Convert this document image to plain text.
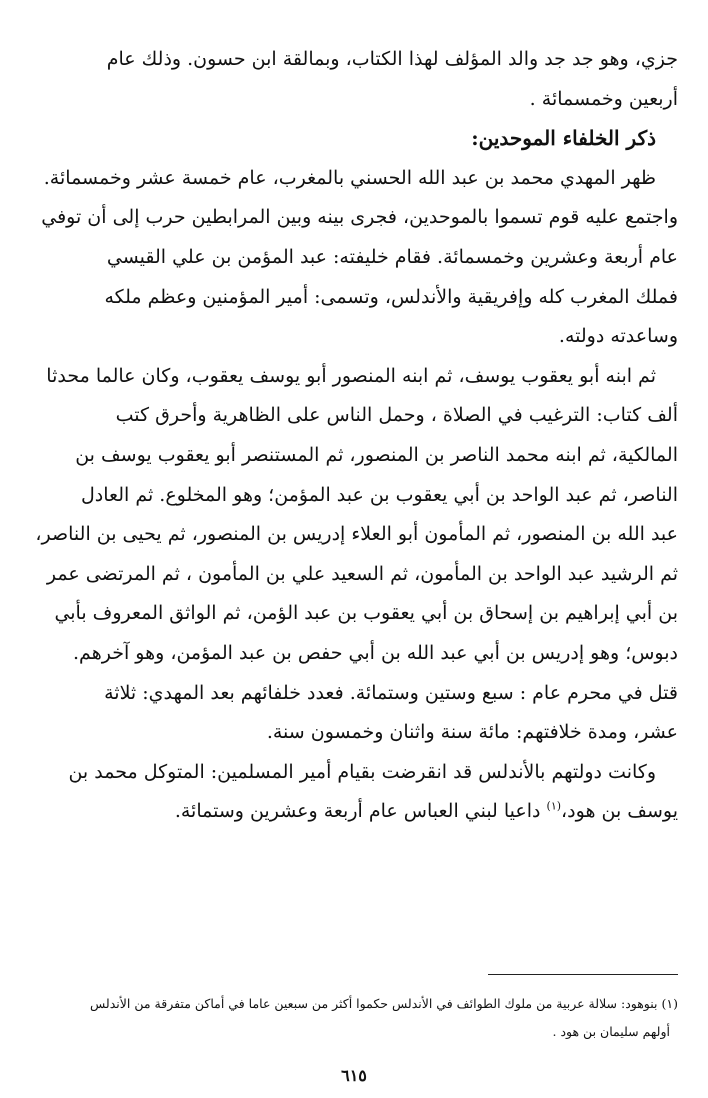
جزي، وهو جد جد والد المؤلف لهذا الكتاب، وبمالقة ابن حسون. وذلك عام
أربعين وخمسمائة .
ذكر الخلفاء الموحدين:
ظهر المهدي محمد بن عبد الله الحسني بالمغرب، عام خمسة عشر وخمسمائة.
واجتمع عليه قوم تسموا بالموحدين، فجرى بينه وبين المرابطين حرب إلى أن توفي
عام أربعة وعشرين وخمسمائة. فقام خليفته: عبد المؤمن بن علي القيسي
فملك المغرب كله وإفريقية والأندلس، وتسمى: أمير المؤمنين وعظم ملكه
وساعدته دولته.
ثم ابنه أبو يعقوب يوسف، ثم ابنه المنصور أبو يوسف يعقوب، وكان عالما محدثا
ألف كتاب: الترغيب في الصلاة ، وحمل الناس على الظاهرية وأحرق كتب
المالكية، ثم ابنه محمد الناصر بن المنصور، ثم المستنصر أبو يعقوب يوسف بن
الناصر، ثم عبد الواحد بن أبي يعقوب بن عبد المؤمن؛ وهو المخلوع. ثم العادل
عبد الله بن المنصور، ثم المأمون أبو العلاء إدريس بن المنصور، ثم يحيى بن الناصر،
ثم الرشيد عبد الواحد بن المأمون، ثم السعيد علي بن المأمون ، ثم المرتضى عمر
بن أبي إبراهيم بن إسحاق بن أبي يعقوب بن عبد الؤمن، ثم الواثق المعروف بأبي
دبوس؛ وهو إدريس بن أبي عبد الله بن أبي حفص بن عبد المؤمن، وهو آخرهم.
قتل في محرم عام : سبع وستين وستمائة. فعدد خلفائهم بعد المهدي: ثلاثة
عشر، ومدة خلافتهم: مائة سنة واثنان وخمسون سنة.
وكانت دولتهم بالأندلس قد انقرضت بقيام أمير المسلمين: المتوكل محمد بن
يوسف بن هود،$^{(١)}$ داعيا لبني العباس عام أربعة وعشرين وستمائة.
(١) بنوهود: سلالة عربية من ملوك الطوائف في الأندلس حكموا أكثر من سبعين عاما في أماكن متفرقة من الأندلس
أولهم سليمان بن هود .
٦١٥
